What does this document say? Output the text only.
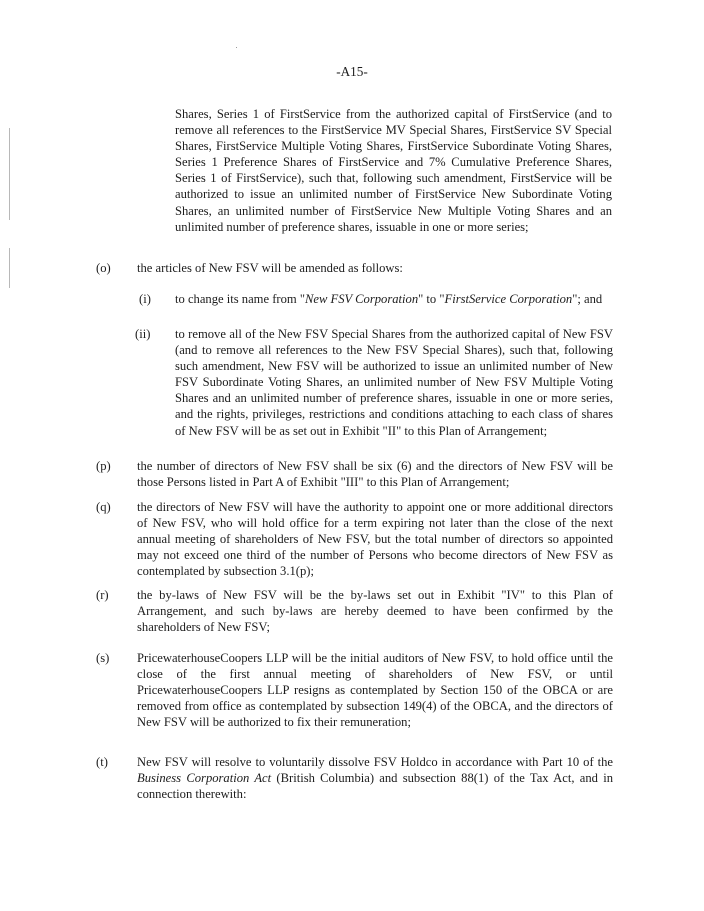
-A15-

Shares, Series 1 of FirstService from the authorized capital of FirstService (and to remove all references to the FirstService MV Special Shares, FirstService SV Special Shares, FirstService Multiple Voting Shares, FirstService Subordinate Voting Shares, Series 1 Preference Shares of FirstService and 7% Cumulative Preference Shares, Series 1 of FirstService), such that, following such amendment, FirstService will be authorized to issue an unlimited number of FirstService New Subordinate Voting Shares, an unlimited number of FirstService New Multiple Voting Shares and an unlimited number of preference shares, issuable in one or more series;

(o) the articles of New FSV will be amended as follows:

(i) to change its name from "New FSV Corporation" to "FirstService Corporation"; and

(ii) to remove all of the New FSV Special Shares from the authorized capital of New FSV (and to remove all references to the New FSV Special Shares), such that, following such amendment, New FSV will be authorized to issue an unlimited number of New FSV Subordinate Voting Shares, an unlimited number of New FSV Multiple Voting Shares and an unlimited number of preference shares, issuable in one or more series, and the rights, privileges, restrictions and conditions attaching to each class of shares of New FSV will be as set out in Exhibit "II" to this Plan of Arrangement;

(p) the number of directors of New FSV shall be six (6) and the directors of New FSV will be those Persons listed in Part A of Exhibit "III" to this Plan of Arrangement;

(q) the directors of New FSV will have the authority to appoint one or more additional directors of New FSV, who will hold office for a term expiring not later than the close of the next annual meeting of shareholders of New FSV, but the total number of directors so appointed may not exceed one third of the number of Persons who become directors of New FSV as contemplated by subsection 3.1(p);

(r) the by-laws of New FSV will be the by-laws set out in Exhibit "IV" to this Plan of Arrangement, and such by-laws are hereby deemed to have been confirmed by the shareholders of New FSV;

(s) PricewaterhouseCoopers LLP will be the initial auditors of New FSV, to hold office until the close of the first annual meeting of shareholders of New FSV, or until PricewaterhouseCoopers LLP resigns as contemplated by Section 150 of the OBCA or are removed from office as contemplated by subsection 149(4) of the OBCA, and the directors of New FSV will be authorized to fix their remuneration;

(t) New FSV will resolve to voluntarily dissolve FSV Holdco in accordance with Part 10 of the Business Corporation Act (British Columbia) and subsection 88(1) of the Tax Act, and in connection therewith:
